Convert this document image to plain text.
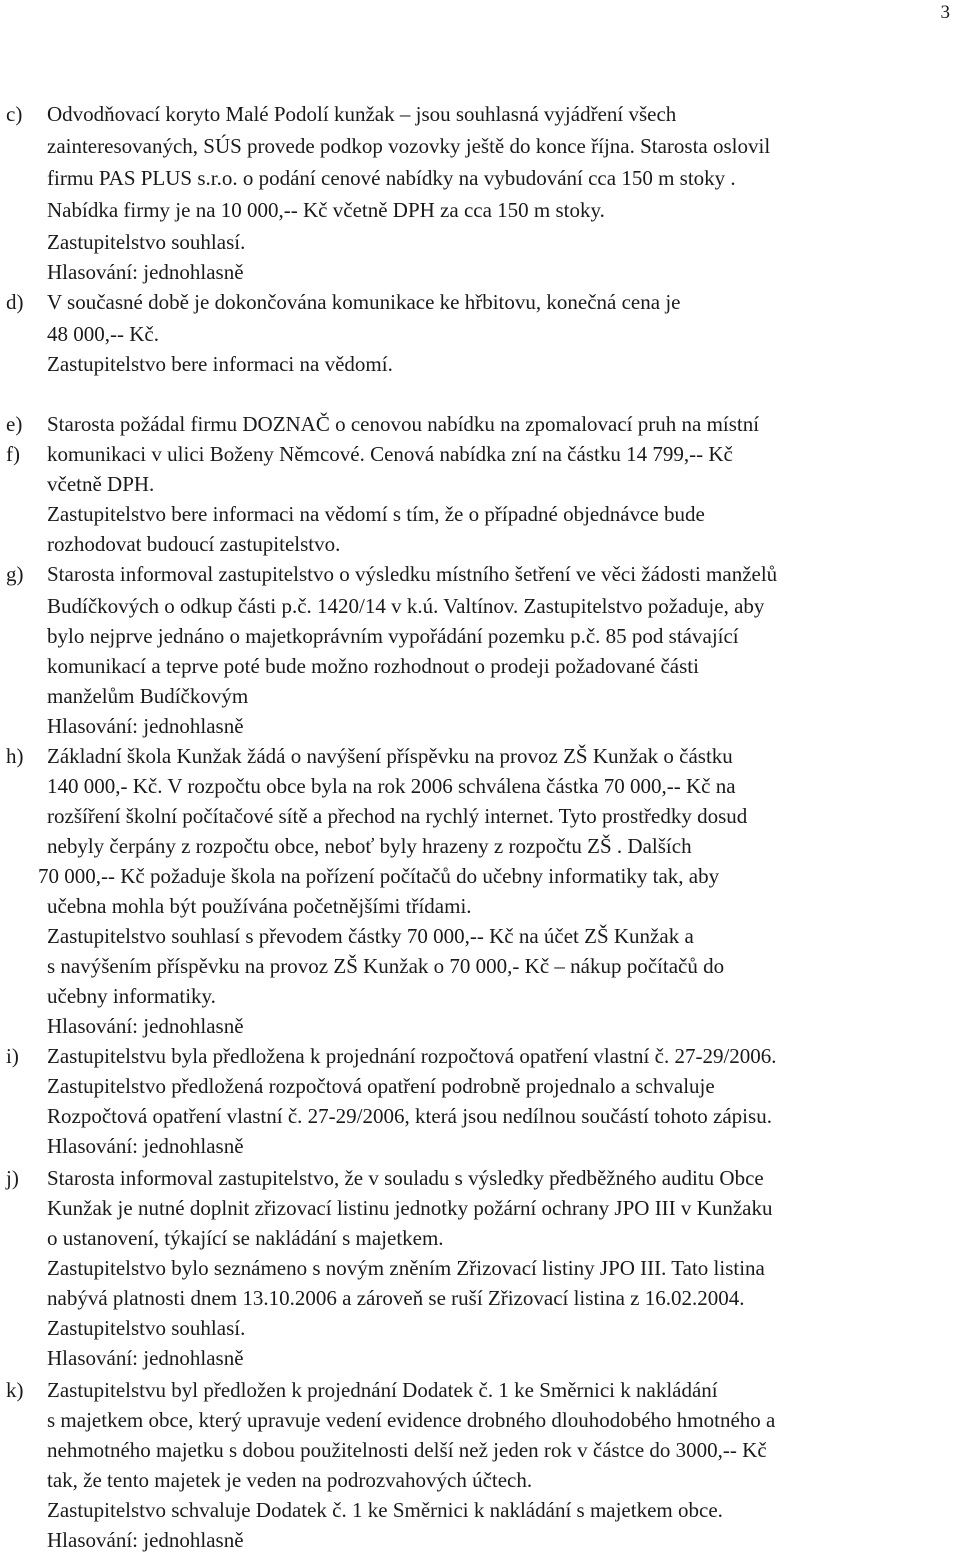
3
c) Odvodňovací koryto Malé Podolí kunžak – jsou souhlasná vyjádření všech
zainteresovaných, SÚS provede podkop vozovky ještě do konce října. Starosta oslovil
firmu PAS PLUS s.r.o. o podání cenové nabídky na vybudování cca 150 m stoky .
Nabídka firmy je na 10 000,-- Kč včetně DPH za cca 150 m stoky.
Zastupitelstvo souhlasí.
Hlasování: jednohlasně
d) V současné době je dokončována komunikace ke hřbitovu, konečná cena je
48 000,-- Kč.
Zastupitelstvo bere informaci na vědomí.
e) Starosta požádal firmu DOZNAČ o cenovou nabídku na zpomalovací pruh na místní
f) komunikaci v ulici Boženy Němcové. Cenová nabídka zní na částku 14 799,-- Kč
včetně DPH.
Zastupitelstvo bere informaci na vědomí s tím, že o případné objednávce bude
rozhodovat budoucí zastupitelstvo.
g) Starosta informoval zastupitelstvo o výsledku místního šetření ve věci žádosti manželů
Budíčkových o odkup části p.č. 1420/14 v k.ú. Valtínov. Zastupitelstvo požaduje, aby
bylo nejprve jednáno o majetkoprávním vypořádání pozemku p.č. 85 pod stávající
komunikací a teprve poté bude možno rozhodnout o prodeji požadované části
manželům Budíčkovým
Hlasování: jednohlasně
h) Základní škola Kunžak žádá o navýšení příspěvku na provoz ZŠ Kunžak o částku
140 000,- Kč. V rozpočtu obce byla na rok 2006 schválena částka 70 000,-- Kč na
rozšíření školní počítačové sítě a přechod na rychlý internet. Tyto prostředky dosud
nebyly čerpány z rozpočtu obce, neboť byly hrazeny z rozpočtu ZŠ . Dalších
70 000,-- Kč požaduje škola na pořízení počítačů do učebny informatiky tak, aby
učebna mohla být používána početnějšími třídami.
Zastupitelstvo souhlasí s převodem částky 70 000,-- Kč na účet ZŠ Kunžak a
s navýšením příspěvku na provoz ZŠ Kunžak o 70 000,- Kč – nákup počítačů do
učebny informatiky.
Hlasování: jednohlasně
i) Zastupitelstvu byla předložena k projednání rozpočtová opatření vlastní č. 27-29/2006.
Zastupitelstvo předložená rozpočtová opatření podrobně projednalo a schvaluje
Rozpočtová opatření vlastní č. 27-29/2006, která jsou nedílnou součástí tohoto zápisu.
Hlasování: jednohlasně
j) Starosta informoval zastupitelstvo, že v souladu s výsledky předběžného auditu Obce
Kunžak je nutné doplnit zřizovací listinu jednotky požární ochrany JPO III v Kunžaku
o ustanovení, týkající se nakládání s majetkem.
Zastupitelstvo bylo seznámeno s novým zněním Zřizovací listiny JPO III. Tato listina
nabývá platnosti dnem 13.10.2006 a zároveň se ruší Zřizovací listina z 16.02.2004.
Zastupitelstvo souhlasí.
Hlasování: jednohlasně
k) Zastupitelstvu byl předložen k projednání Dodatek č. 1 ke Směrnici k nakládání
s majetkem obce, který upravuje vedení evidence drobného dlouhodobého hmotného a
nehmotného majetku s dobou použitelnosti delší než jeden rok v částce do 3000,-- Kč
tak, že tento majetek je veden na podrozvahových účtech.
Zastupitelstvo schvaluje Dodatek č. 1 ke Směrnici k nakládání s majetkem obce.
Hlasování: jednohlasně
